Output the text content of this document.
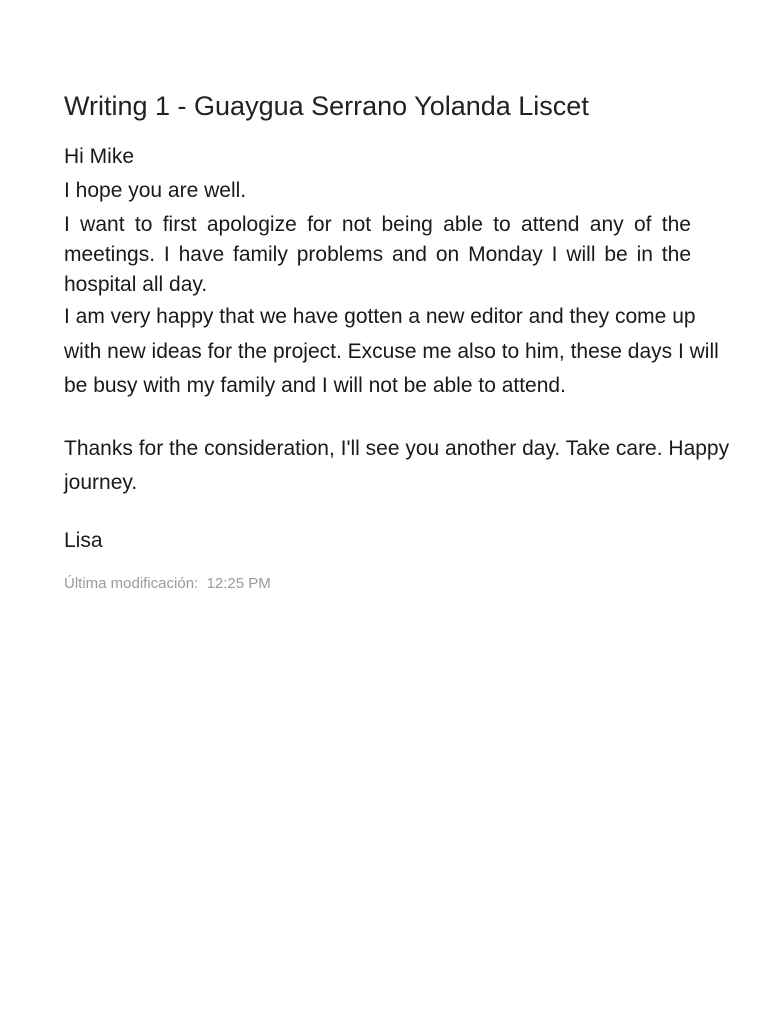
Writing 1 - Guaygua Serrano Yolanda Liscet

Hi Mike

I hope you are well.

I want to first apologize for not being able to attend any of the meetings. I have family problems and on Monday I will be in the hospital all day.

I am very happy that we have gotten a new editor and they come up with new ideas for the project. Excuse me also to him, these days I will be busy with my family and I will not be able to attend.

Thanks for the consideration, I'll see you another day. Take care. Happy journey.

Lisa

Última modificación: 12:25 PM
